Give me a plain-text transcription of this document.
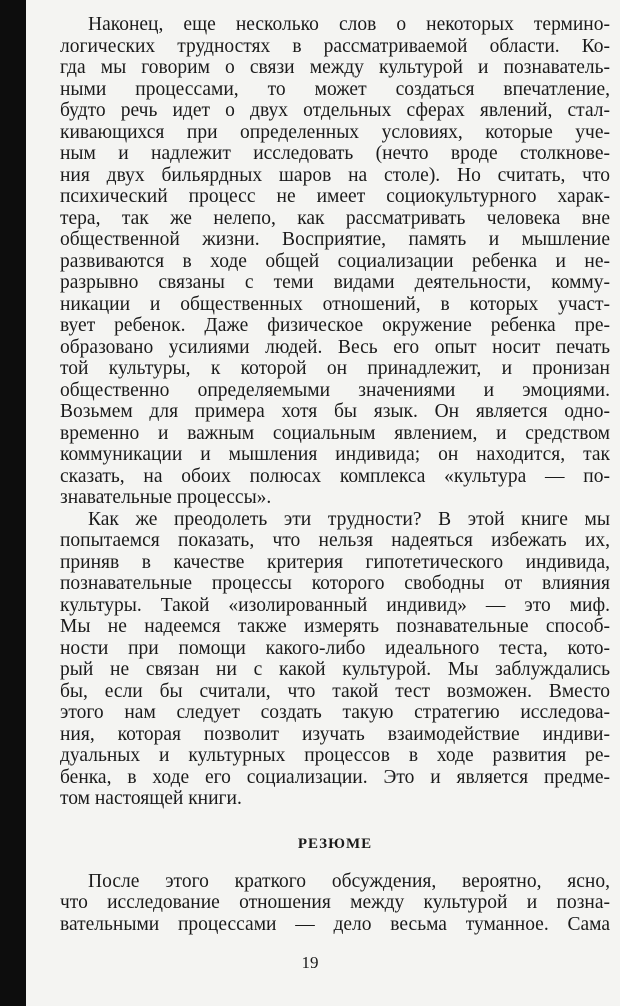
Наконец, еще несколько слов о некоторых термино-
логических трудностях в рассматриваемой области. Ко-
гда мы говорим о связи между культурой и познаватель-
ными процессами, то может создаться впечатление,
будто речь идет о двух отдельных сферах явлений, стал-
кивающихся при определенных условиях, которые уче-
ным и надлежит исследовать (нечто вроде столкнове-
ния двух бильярдных шаров на столе). Но считать, что
психический процесс не имеет социокультурного харак-
тера, так же нелепо, как рассматривать человека вне
общественной жизни. Восприятие, память и мышление
развиваются в ходе общей социализации ребенка и не-
разрывно связаны с теми видами деятельности, комму-
никации и общественных отношений, в которых участ-
вует ребенок. Даже физическое окружение ребенка пре-
образовано усилиями людей. Весь его опыт носит печать
той культуры, к которой он принадлежит, и пронизан
общественно определяемыми значениями и эмоциями.
Возьмем для примера хотя бы язык. Он является одно-
временно и важным социальным явлением, и средством
коммуникации и мышления индивида; он находится, так
сказать, на обоих полюсах комплекса «культура — по-
знавательные процессы».
Как же преодолеть эти трудности? В этой книге мы
попытаемся показать, что нельзя надеяться избежать их,
приняв в качестве критерия гипотетического индивида,
познавательные процессы которого свободны от влияния
культуры. Такой «изолированный индивид» — это миф.
Мы не надеемся также измерять познавательные способ-
ности при помощи какого-либо идеального теста, кото-
рый не связан ни с какой культурой. Мы заблуждались
бы, если бы считали, что такой тест возможен. Вместо
этого нам следует создать такую стратегию исследова-
ния, которая позволит изучать взаимодействие индиви-
дуальных и культурных процессов в ходе развития ре-
бенка, в ходе его социализации. Это и является предме-
том настоящей книги.
РЕЗЮМЕ
После этого краткого обсуждения, вероятно, ясно,
что исследование отношения между культурой и позна-
вательными процессами — дело весьма туманное. Сама
19
